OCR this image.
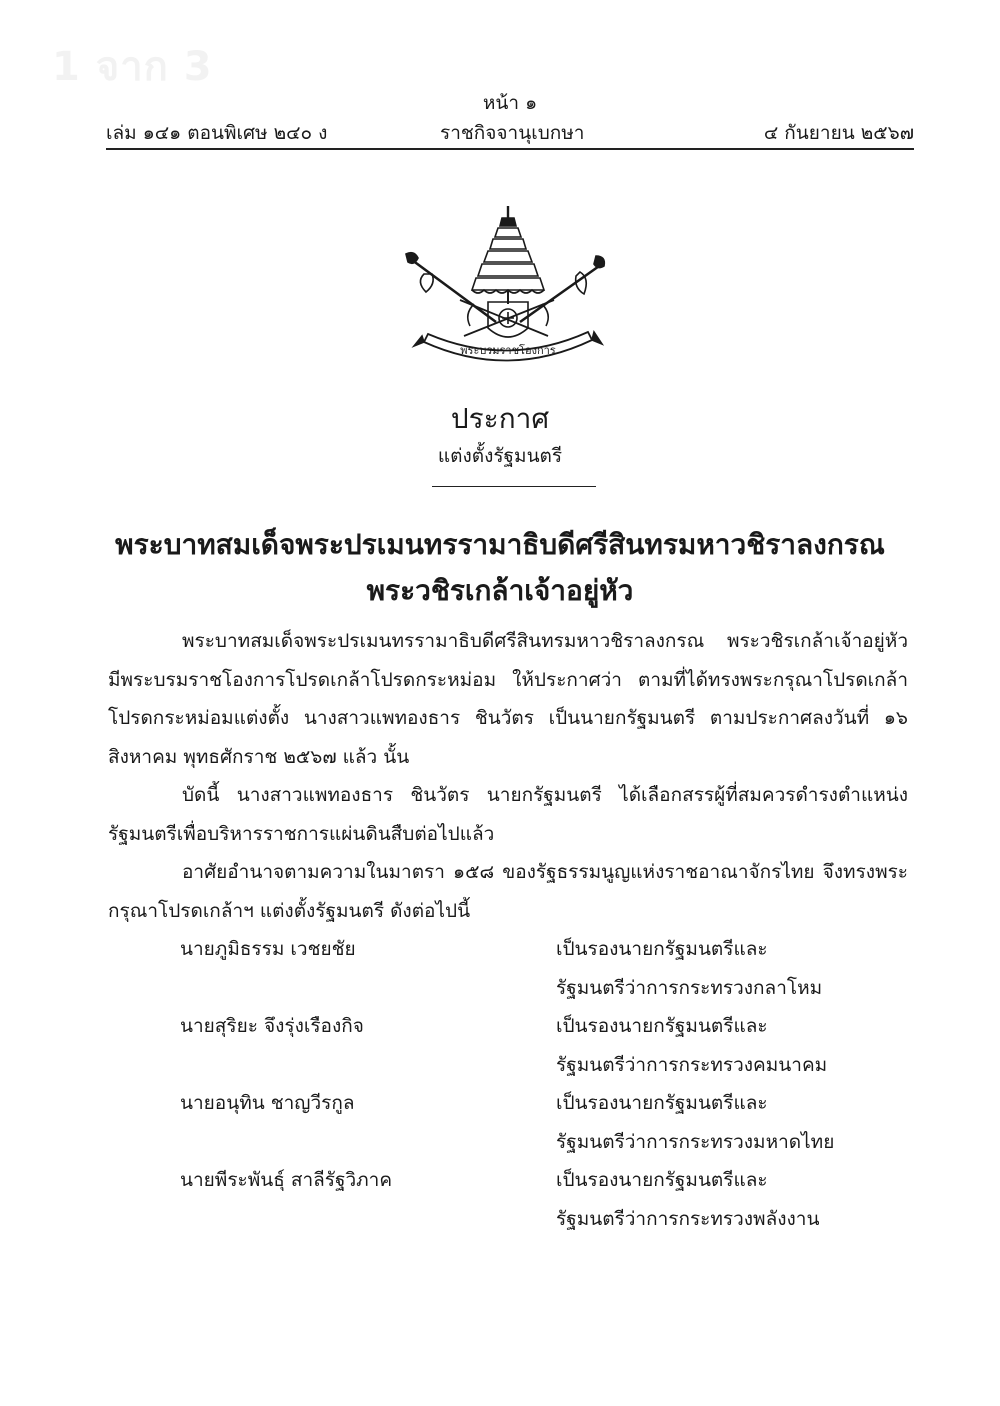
1 จาก 3
หน้า ๑
เล่ม ๑๔๑ ตอนพิเศษ ๒๔๐ ง	ราชกิจจานุเบกษา	๔ กันยายน ๒๕๖๗
พระบรมราชโองการ
ประกาศ
แต่งตั้งรัฐมนตรี
พระบาทสมเด็จพระปรเมนทรรามาธิบดีศรีสินทรมหาวชิราลงกรณ
พระวชิรเกล้าเจ้าอยู่หัว

พระบาทสมเด็จพระปรเมนทรรามาธิบดีศรีสินทรมหาวชิราลงกรณ พระวชิรเกล้าเจ้าอยู่หัว มีพระบรมราชโองการโปรดเกล้าโปรดกระหม่อม ให้ประกาศว่า ตามที่ได้ทรงพระกรุณาโปรดเกล้าโปรดกระหม่อมแต่งตั้ง นางสาวแพทองธาร ชินวัตร เป็นนายกรัฐมนตรี ตามประกาศลงวันที่ ๑๖ สิงหาคม พุทธศักราช ๒๕๖๗ แล้ว นั้น

บัดนี้ นางสาวแพทองธาร ชินวัตร นายกรัฐมนตรี ได้เลือกสรรผู้ที่สมควรดำรงตำแหน่งรัฐมนตรีเพื่อบริหารราชการแผ่นดินสืบต่อไปแล้ว

อาศัยอำนาจตามความในมาตรา ๑๕๘ ของรัฐธรรมนูญแห่งราชอาณาจักรไทย จึงทรงพระกรุณาโปรดเกล้าฯ แต่งตั้งรัฐมนตรี ดังต่อไปนี้

นายภูมิธรรม เวชยชัย	เป็นรองนายกรัฐมนตรีและ
รัฐมนตรีว่าการกระทรวงกลาโหม
นายสุริยะ จึงรุ่งเรืองกิจ	เป็นรองนายกรัฐมนตรีและ
รัฐมนตรีว่าการกระทรวงคมนาคม
นายอนุทิน ชาญวีรกูล	เป็นรองนายกรัฐมนตรีและ
รัฐมนตรีว่าการกระทรวงมหาดไทย
นายพีระพันธุ์ สาลีรัฐวิภาค	เป็นรองนายกรัฐมนตรีและ
รัฐมนตรีว่าการกระทรวงพลังงาน
